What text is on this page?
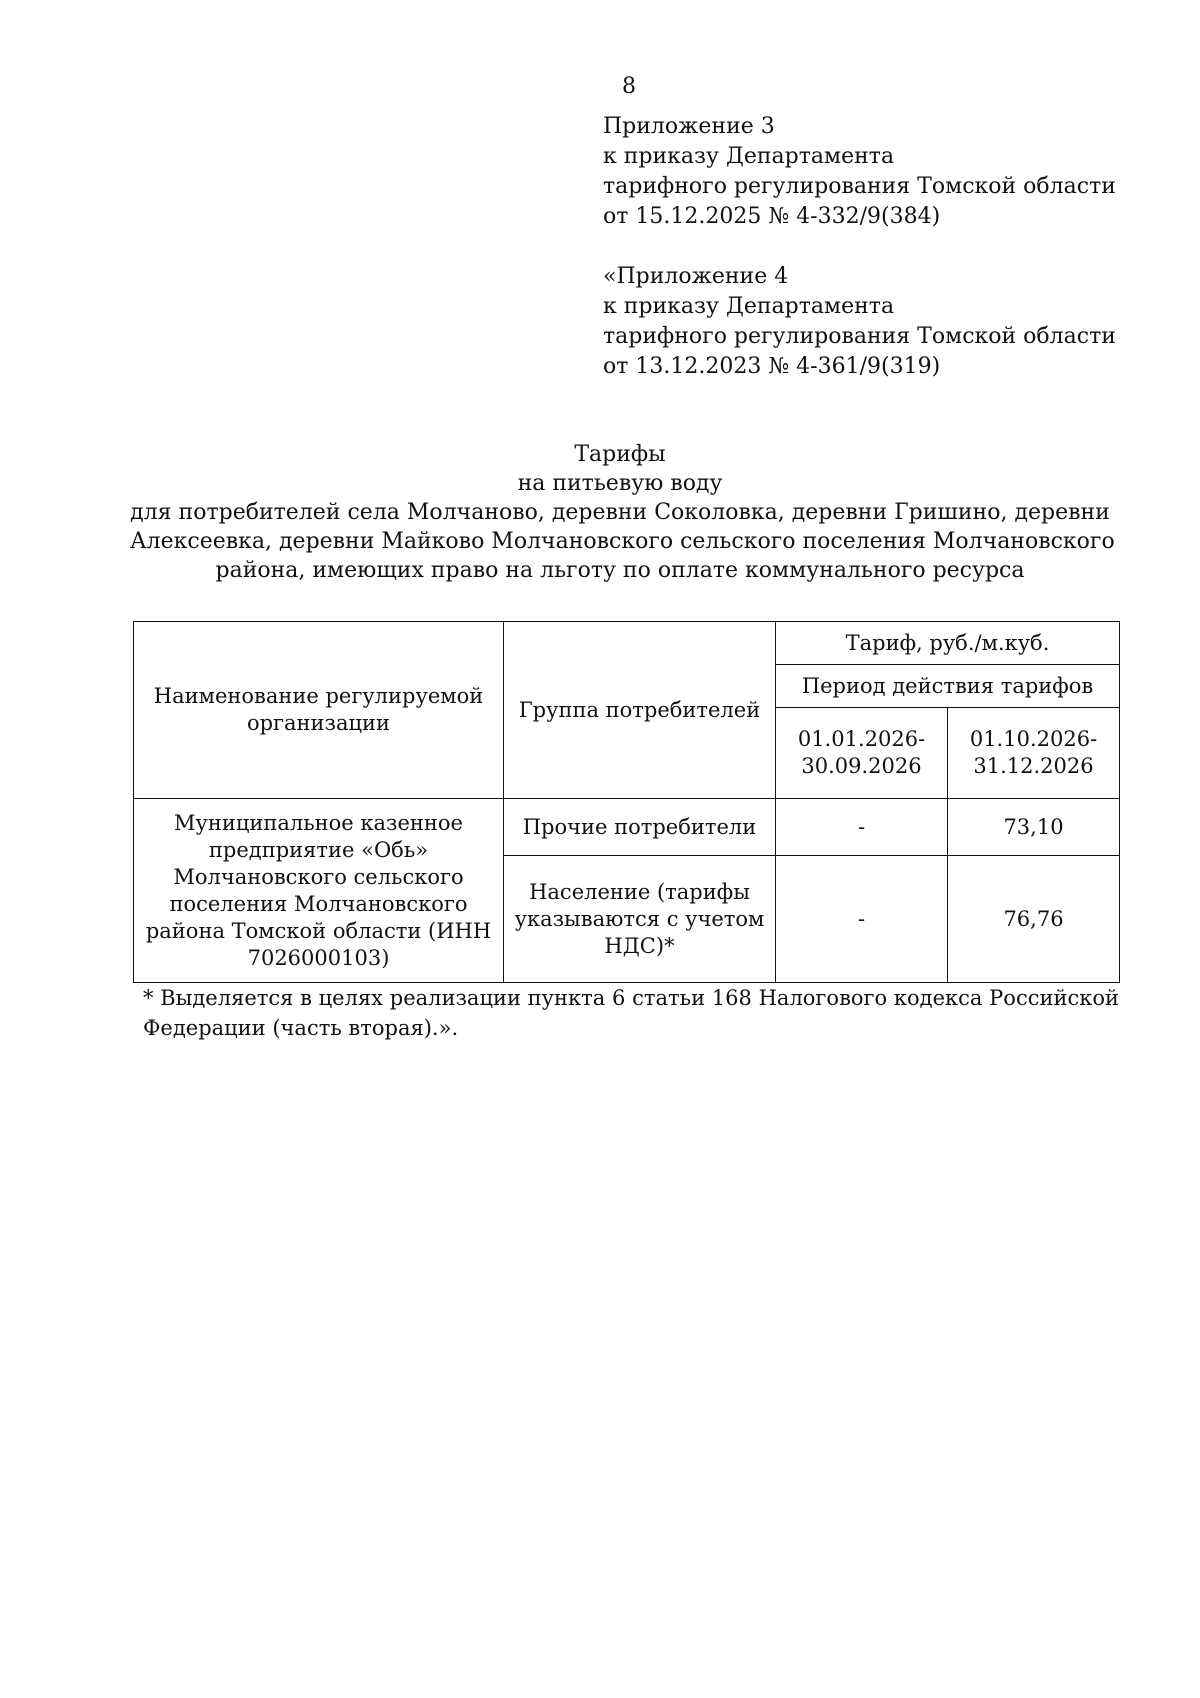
8
Приложение 3
к приказу Департамента
тарифного регулирования Томской области
от 15.12.2025 № 4-332/9(384)
«Приложение 4
к приказу Департамента
тарифного регулирования Томской области
от 13.12.2023 № 4-361/9(319)
Тарифы
на питьевую воду
для потребителей села Молчаново, деревни Соколовка, деревни Гришино, деревни
Алексеевка, деревни Майково Молчановского сельского поселения Молчановского
района, имеющих право на льготу по оплате коммунального ресурса
Наименование регулируемой организации	Группа потребителей	Тариф, руб./м.куб.	
		Период действия тарифов	
		01.01.2026-30.09.2026	01.10.2026-31.12.2026
Муниципальное казенное предприятие «Обь» Молчановского сельского поселения Молчановского района Томской области (ИНН 7026000103)	Прочие потребители	-	73,10
	Население (тарифы указываются с учетом НДС)*	-	76,76
* Выделяется в целях реализации пункта 6 статьи 168 Налогового кодекса Российской Федерации (часть вторая).».
